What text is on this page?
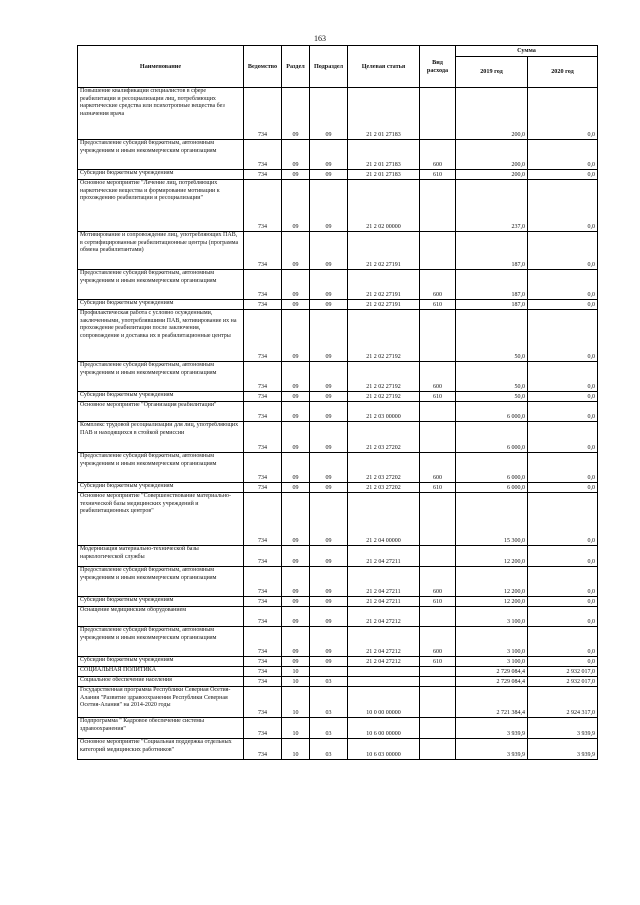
163
Наименование	Ведомство	Раздел	Подраздел	Целевая статья	Вид расхода	Сумма	
						2019 год	2020 год
Повышение квалификации специалистов в сфере реабилитации и ресоциализации лиц, потребляющих наркотические средства или психотропные вещества без назначения врача	734	09	09	21 2 01 27183		200,0	0,0
Предоставление субсидий бюджетным, автономным учреждениям и иным некоммерческим организациям	734	09	09	21 2 01 27183	600	200,0	0,0
Субсидии бюджетным учреждениям	734	09	09	21 2 01 27183	610	200,0	0,0
Основное мероприятие "Лечение лиц, потребляющих наркотические вещества и формирование мотивации к прохождению реабилитации и ресоциализации"	734	09	09	21 2 02 00000		237,0	0,0
Мотивирование и сопровождение лиц, употребляющих ПАВ, в сертифицированные реабилитационные центры (программа обмена реабилитантами)	734	09	09	21 2 02 27191		187,0	0,0
Предоставление субсидий бюджетным, автономным учреждениям и иным некоммерческим организациям	734	09	09	21 2 02 27191	600	187,0	0,0
Субсидии бюджетным учреждениям	734	09	09	21 2 02 27191	610	187,0	0,0
Профилактическая работа с условно осужденными, заключенными, употреблявшими ПАВ, мотивирование их на прохождение реабилитации после заключения, сопровождение и доставка их в реабилитационные центры	734	09	09	21 2 02 27192		50,0	0,0
Предоставление субсидий бюджетным, автономным учреждениям и иным некоммерческим организациям	734	09	09	21 2 02 27192	600	50,0	0,0
Субсидии бюджетным учреждениям	734	09	09	21 2 02 27192	610	50,0	0,0
Основное мероприятие "Организация реабилитации"	734	09	09	21 2 03 00000		6 000,0	0,0
Комплекс трудовой ресоциализации для лиц, употребляющих ПАВ и находящихся в стойкой ремиссии	734	09	09	21 2 03 27202		6 000,0	0,0
Предоставление субсидий бюджетным, автономным учреждениям и иным некоммерческим организациям	734	09	09	21 2 03 27202	600	6 000,0	0,0
Субсидии бюджетным учреждениям	734	09	09	21 2 03 27202	610	6 000,0	0,0
Основное мероприятие "Совершенствование материально-технической базы медицинских учреждений и реабилитационных центров"	734	09	09	21 2 04 00000		15 300,0	0,0
Модернизация материально-технической базы наркологической службы	734	09	09	21 2 04 27211		12 200,0	0,0
Предоставление субсидий бюджетным, автономным учреждениям и иным некоммерческим организациям	734	09	09	21 2 04 27211	600	12 200,0	0,0
Субсидии бюджетным учреждениям	734	09	09	21 2 04 27211	610	12 200,0	0,0
Оснащение медицинским оборудованием	734	09	09	21 2 04 27212		3 100,0	0,0
Предоставление субсидий бюджетным, автономным учреждениям и иным некоммерческим организациям	734	09	09	21 2 04 27212	600	3 100,0	0,0
Субсидии бюджетным учреждениям	734	09	09	21 2 04 27212	610	3 100,0	0,0
СОЦИАЛЬНАЯ ПОЛИТИКА	734	10				2 729 084,4	2 932 017,0
Социальное обеспечение населения	734	10	03			2 729 084,4	2 932 017,0
Государственная программа Республики Северная Осетия-Алания "Развитие здравоохранения Республики Северная Осетия-Алания" на 2014-2020 годы	734	10	03	10 0 00 00000		2 721 384,4	2 924 317,0
Подпрограмма " Кадровое обеспечение системы здравоохранения"	734	10	03	10 6 00 00000		3 939,9	3 939,9
Основное мероприятие "Социальная поддержка отдельных категорий медицинских работников"	734	10	03	10 6 03 00000		3 939,9	3 939,9
